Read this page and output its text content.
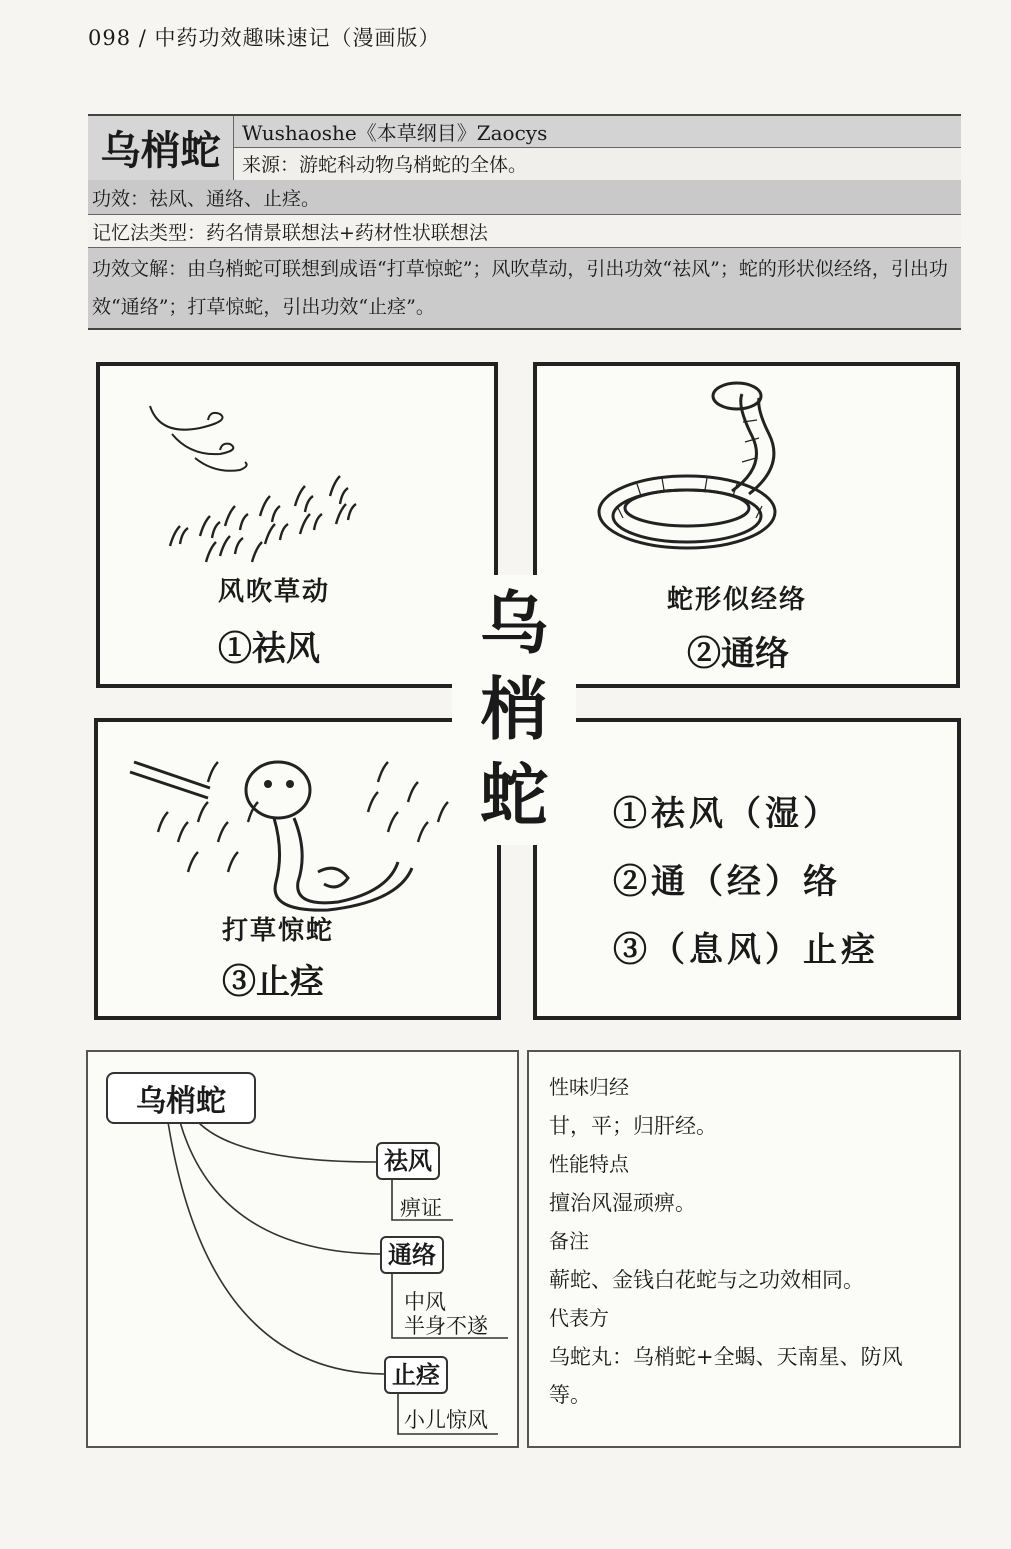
098 / 中药功效趣味速记（漫画版）
乌梢蛇	Wushaoshe《本草纲目》Zaocys
来源：游蛇科动物乌梢蛇的全体。
功效：祛风、通络、止痉。
记忆法类型：药名情景联想法+药材性状联想法
功效文解：由乌梢蛇可联想到成语“打草惊蛇”；风吹草动，引出功效“祛风”；蛇的形状似经络，引出功效“通络”；打草惊蛇，引出功效“止痉”。
风吹草动
①祛风
蛇形似经络
②通络
打草惊蛇
③止痉
①祛风（湿）
②通（经）络
③（息风）止痉
乌
梢
蛇
乌梢蛇
祛风
痹证
通络
中风
半身不遂
止痉
小儿惊风
性味归经
甘，平；归肝经。
性能特点
擅治风湿顽痹。
备注
蕲蛇、金钱白花蛇与之功效相同。
代表方
乌蛇丸：乌梢蛇+全蝎、天南星、防风等。
